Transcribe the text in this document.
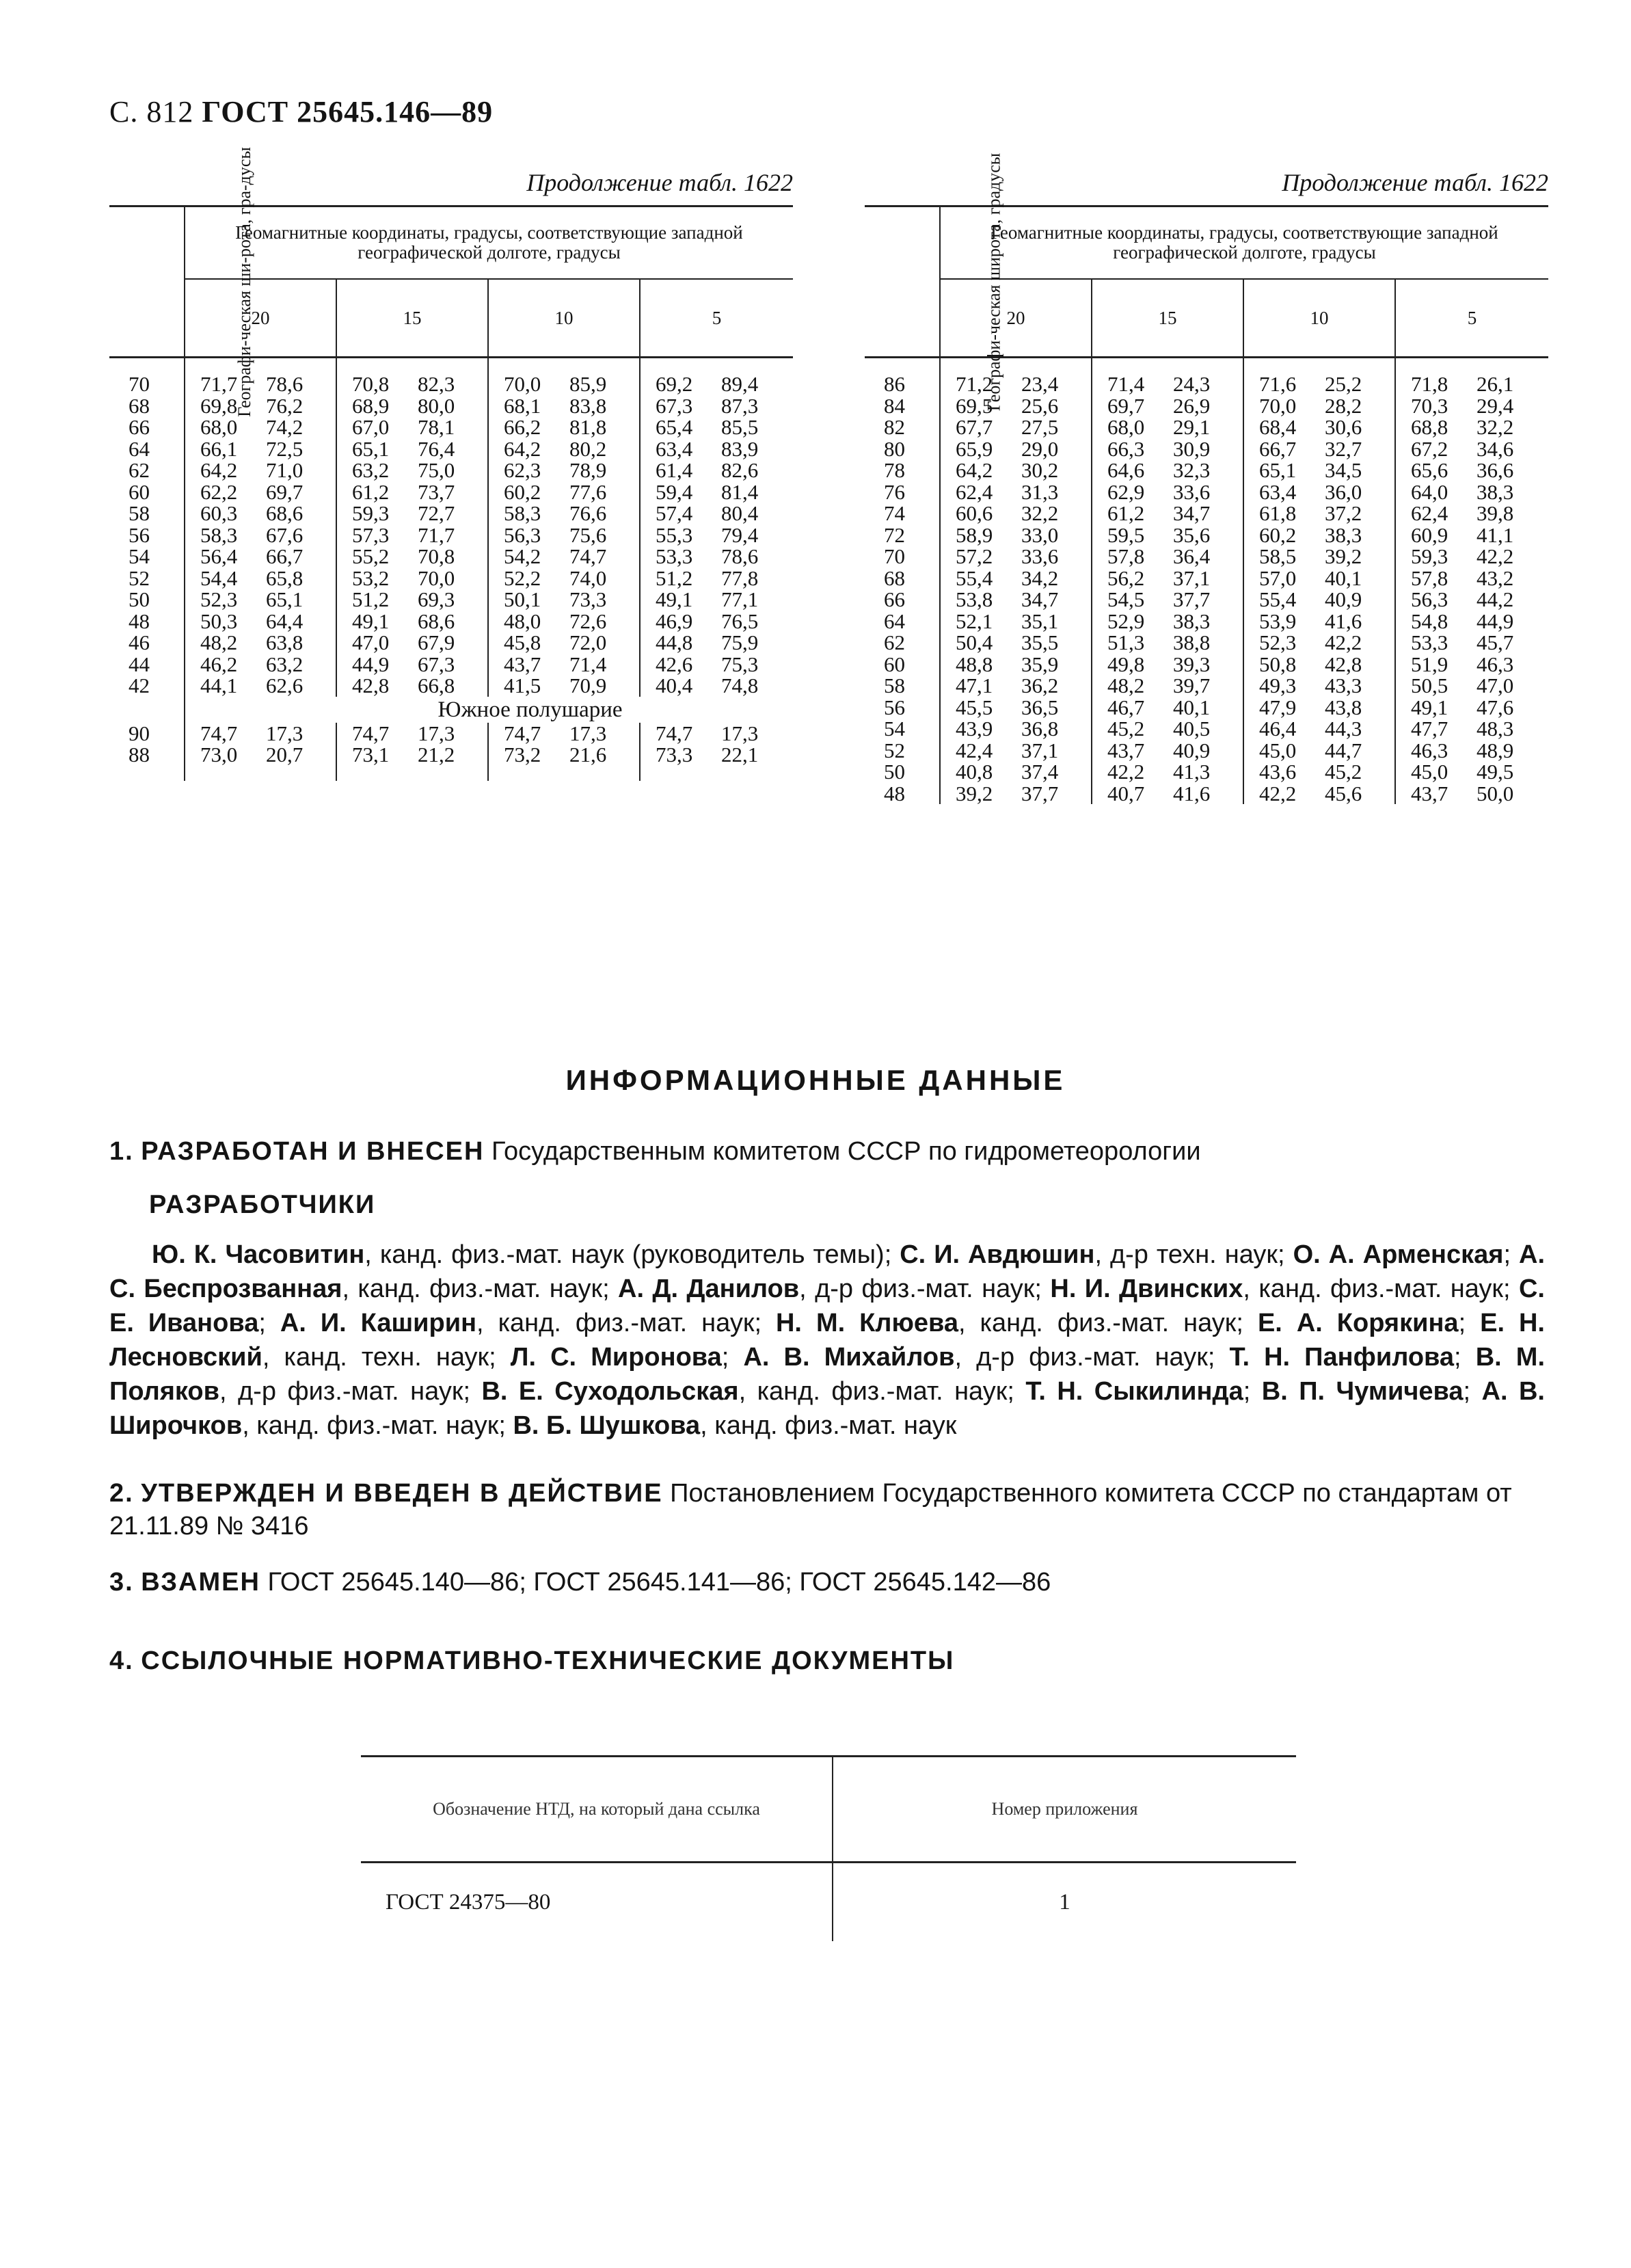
С. 812 ГОСТ 25645.146—89
Продолжение табл. 1622	Продолжение табл. 1622
Географи-ческая ши-рота, гра-дусы	Геомагнитные координаты, градусы, соответствующие западной географической долготе, градусы			
	20	15	10	5

70	71,7 78,6	70,8 82,3	70,0 85,9	69,2 89,4

68	69,8 76,2	68,9 80,0	68,1 83,8	67,3 87,3

66	68,0 74,2	67,0 78,1	66,2 81,8	65,4 85,5

64	66,1 72,5	65,1 76,4	64,2 80,2	63,4 83,9

62	64,2 71,0	63,2 75,0	62,3 78,9	61,4 82,6

60	62,2 69,7	61,2 73,7	60,2 77,6	59,4 81,4

58	60,3 68,6	59,3 72,7	58,3 76,6	57,4 80,4

56	58,3 67,6	57,3 71,7	56,3 75,6	55,3 79,4

54	56,4 66,7	55,2 70,8	54,2 74,7	53,3 78,6

52	54,4 65,8	53,2 70,0	52,2 74,0	51,2 77,8

50	52,3 65,1	51,2 69,3	50,1 73,3	49,1 77,1

48	50,3 64,4	49,1 68,6	48,0 72,6	46,9 76,5

46	48,2 63,8	47,0 67,9	45,8 72,0	44,8 75,9

44	46,2 63,2	44,9 67,3	43,7 71,4	42,6 75,3

42	44,1 62,6	42,8 66,8	41,5 70,9	40,4 74,8

	Южное полушарие			
90	74,7 17,3	74,7 17,3	74,7 17,3	74,7 17,3

88	73,0 20,7	73,1 21,2	73,2 21,6	73,3 22,1

Географи-ческая широта, градусы	Геомагнитные координаты, градусы, соответствующие западной географической долготе, градусы			
	20	15	10	5

86	71,2 23,4	71,4 24,3	71,6 25,2	71,8 26,1

84	69,5 25,6	69,7 26,9	70,0 28,2	70,3 29,4

82	67,7 27,5	68,0 29,1	68,4 30,6	68,8 32,2

80	65,9 29,0	66,3 30,9	66,7 32,7	67,2 34,6

78	64,2 30,2	64,6 32,3	65,1 34,5	65,6 36,6

76	62,4 31,3	62,9 33,6	63,4 36,0	64,0 38,3

74	60,6 32,2	61,2 34,7	61,8 37,2	62,4 39,8

72	58,9 33,0	59,5 35,6	60,2 38,3	60,9 41,1

70	57,2 33,6	57,8 36,4	58,5 39,2	59,3 42,2

68	55,4 34,2	56,2 37,1	57,0 40,1	57,8 43,2

66	53,8 34,7	54,5 37,7	55,4 40,9	56,3 44,2

64	52,1 35,1	52,9 38,3	53,9 41,6	54,8 44,9

62	50,4 35,5	51,3 38,8	52,3 42,2	53,3 45,7

60	48,8 35,9	49,8 39,3	50,8 42,8	51,9 46,3

58	47,1 36,2	48,2 39,7	49,3 43,3	50,5 47,0

56	45,5 36,5	46,7 40,1	47,9 43,8	49,1 47,6

54	43,9 36,8	45,2 40,5	46,4 44,3	47,7 48,3

52	42,4 37,1	43,7 40,9	45,0 44,7	46,3 48,9

50	40,8 37,4	42,2 41,3	43,6 45,2	45,0 49,5

48	39,2 37,7	40,7 41,6	42,2 45,6	43,7 50,0
ИНФОРМАЦИОННЫЕ ДАННЫЕ
1. РАЗРАБОТАН И ВНЕСЕН Государственным комитетом СССР по гидрометеорологии
РАЗРАБОТЧИКИ
Ю. К. Часовитин, канд. физ.-мат. наук (руководитель темы); С. И. Авдюшин, д-р техн. наук; О. А. Арменская; А. С. Беспрозванная, канд. физ.-мат. наук; А. Д. Данилов, д-р физ.-мат. наук; Н. И. Двинских, канд. физ.-мат. наук; С. Е. Иванова; А. И. Каширин, канд. физ.-мат. наук; Н. М. Клюева, канд. физ.-мат. наук; Е. А. Корякина; Е. Н. Лесновский, канд. техн. наук; Л. С. Миронова; А. В. Михайлов, д-р физ.-мат. наук; Т. Н. Панфилова; В. М. Поляков, д-р физ.-мат. наук; В. Е. Суходольская, канд. физ.-мат. наук; Т. Н. Сыкилинда; В. П. Чумичева; А. В. Широчков, канд. физ.-мат. наук; В. Б. Шушкова, канд. физ.-мат. наук
2. УТВЕРЖДЕН И ВВЕДЕН В ДЕЙСТВИЕ Постановлением Государственного комитета СССР по стандартам от 21.11.89 № 3416
3. ВЗАМЕН ГОСТ 25645.140—86; ГОСТ 25645.141—86; ГОСТ 25645.142—86
4. ССЫЛОЧНЫЕ НОРМАТИВНО-ТЕХНИЧЕСКИЕ ДОКУМЕНТЫ
Обозначение НТД, на который дана ссылка	Номер приложения
ГОСТ 24375—80	1
